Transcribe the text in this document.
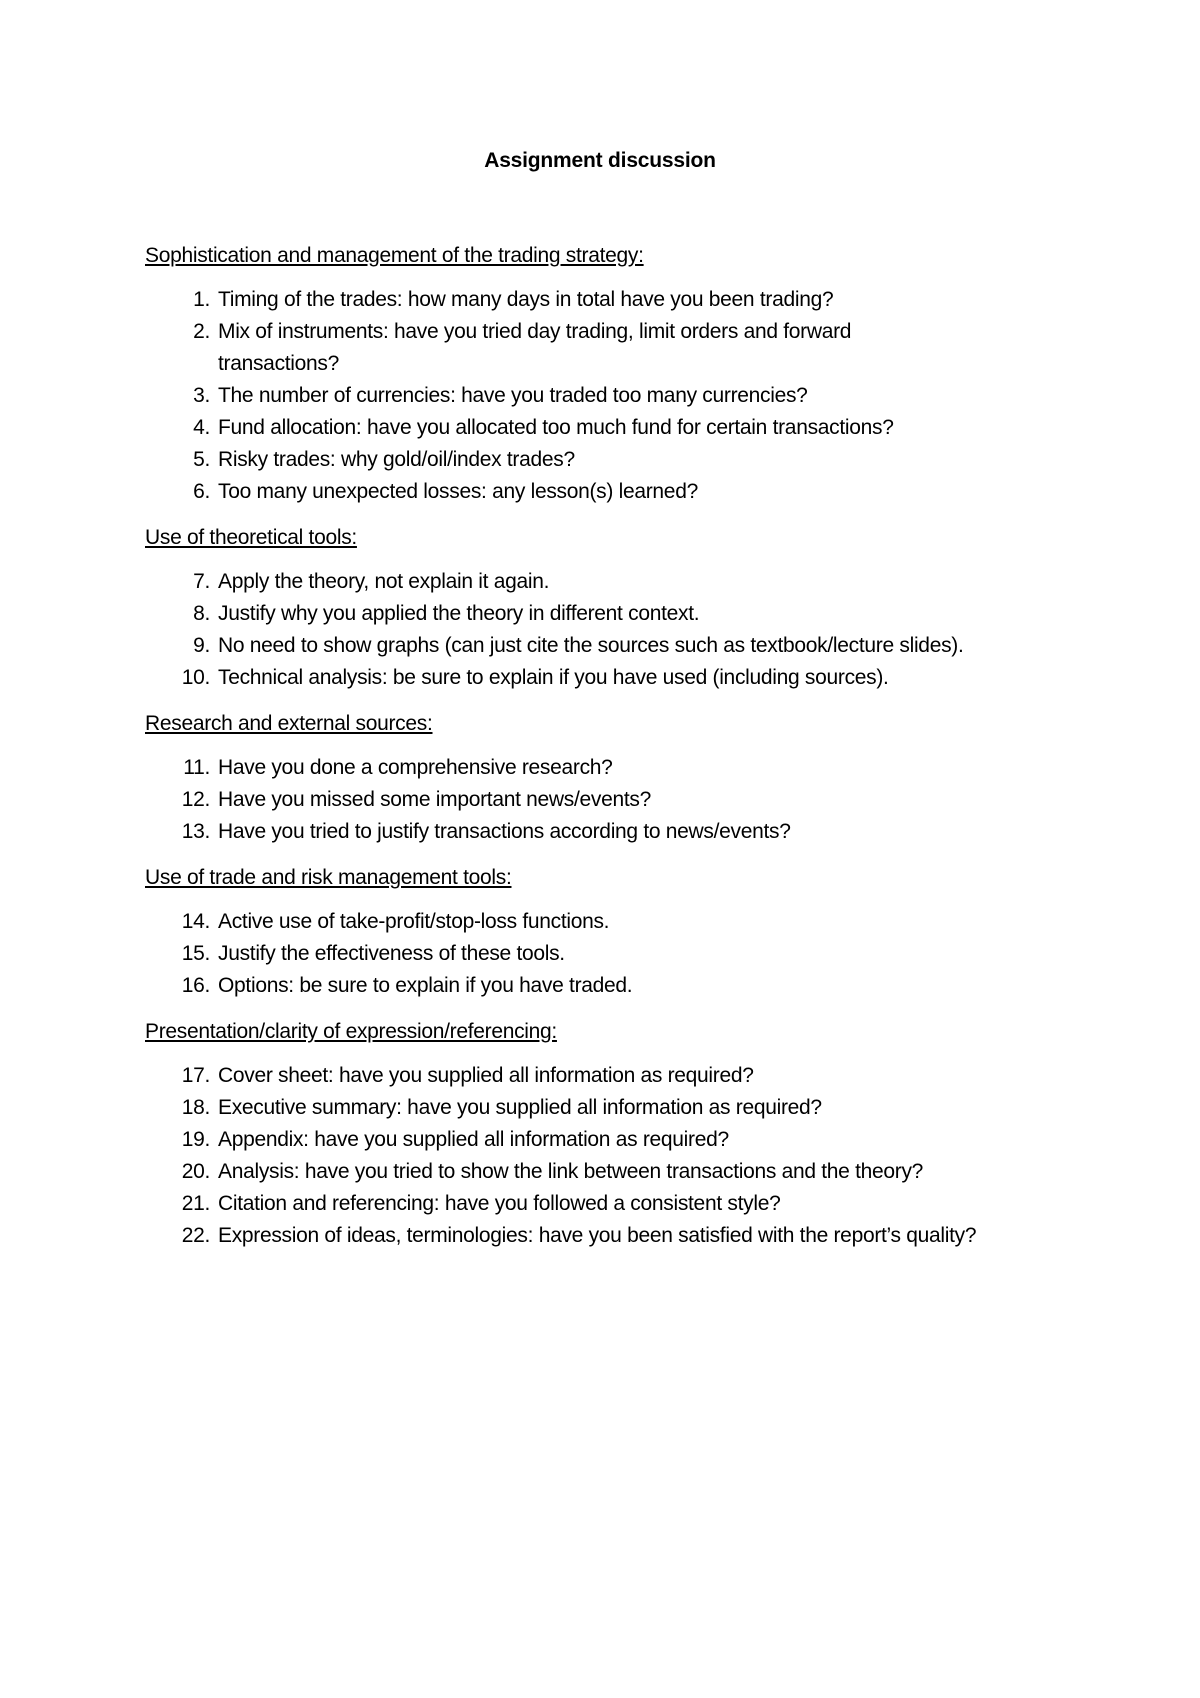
Assignment discussion
Sophistication and management of the trading strategy:
1. Timing of the trades: how many days in total have you been trading?
2. Mix of instruments: have you tried day trading, limit orders and forward transactions?
3. The number of currencies: have you traded too many currencies?
4. Fund allocation: have you allocated too much fund for certain transactions?
5. Risky trades: why gold/oil/index trades?
6. Too many unexpected losses: any lesson(s) learned?
Use of theoretical tools:
7. Apply the theory, not explain it again.
8. Justify why you applied the theory in different context.
9. No need to show graphs (can just cite the sources such as textbook/lecture slides).
10. Technical analysis: be sure to explain if you have used (including sources).
Research and external sources:
11. Have you done a comprehensive research?
12. Have you missed some important news/events?
13. Have you tried to justify transactions according to news/events?
Use of trade and risk management tools:
14. Active use of take-profit/stop-loss functions.
15. Justify the effectiveness of these tools.
16. Options: be sure to explain if you have traded.
Presentation/clarity of expression/referencing:
17. Cover sheet: have you supplied all information as required?
18. Executive summary: have you supplied all information as required?
19. Appendix: have you supplied all information as required?
20. Analysis: have you tried to show the link between transactions and the theory?
21. Citation and referencing: have you followed a consistent style?
22. Expression of ideas, terminologies: have you been satisfied with the report’s quality?
